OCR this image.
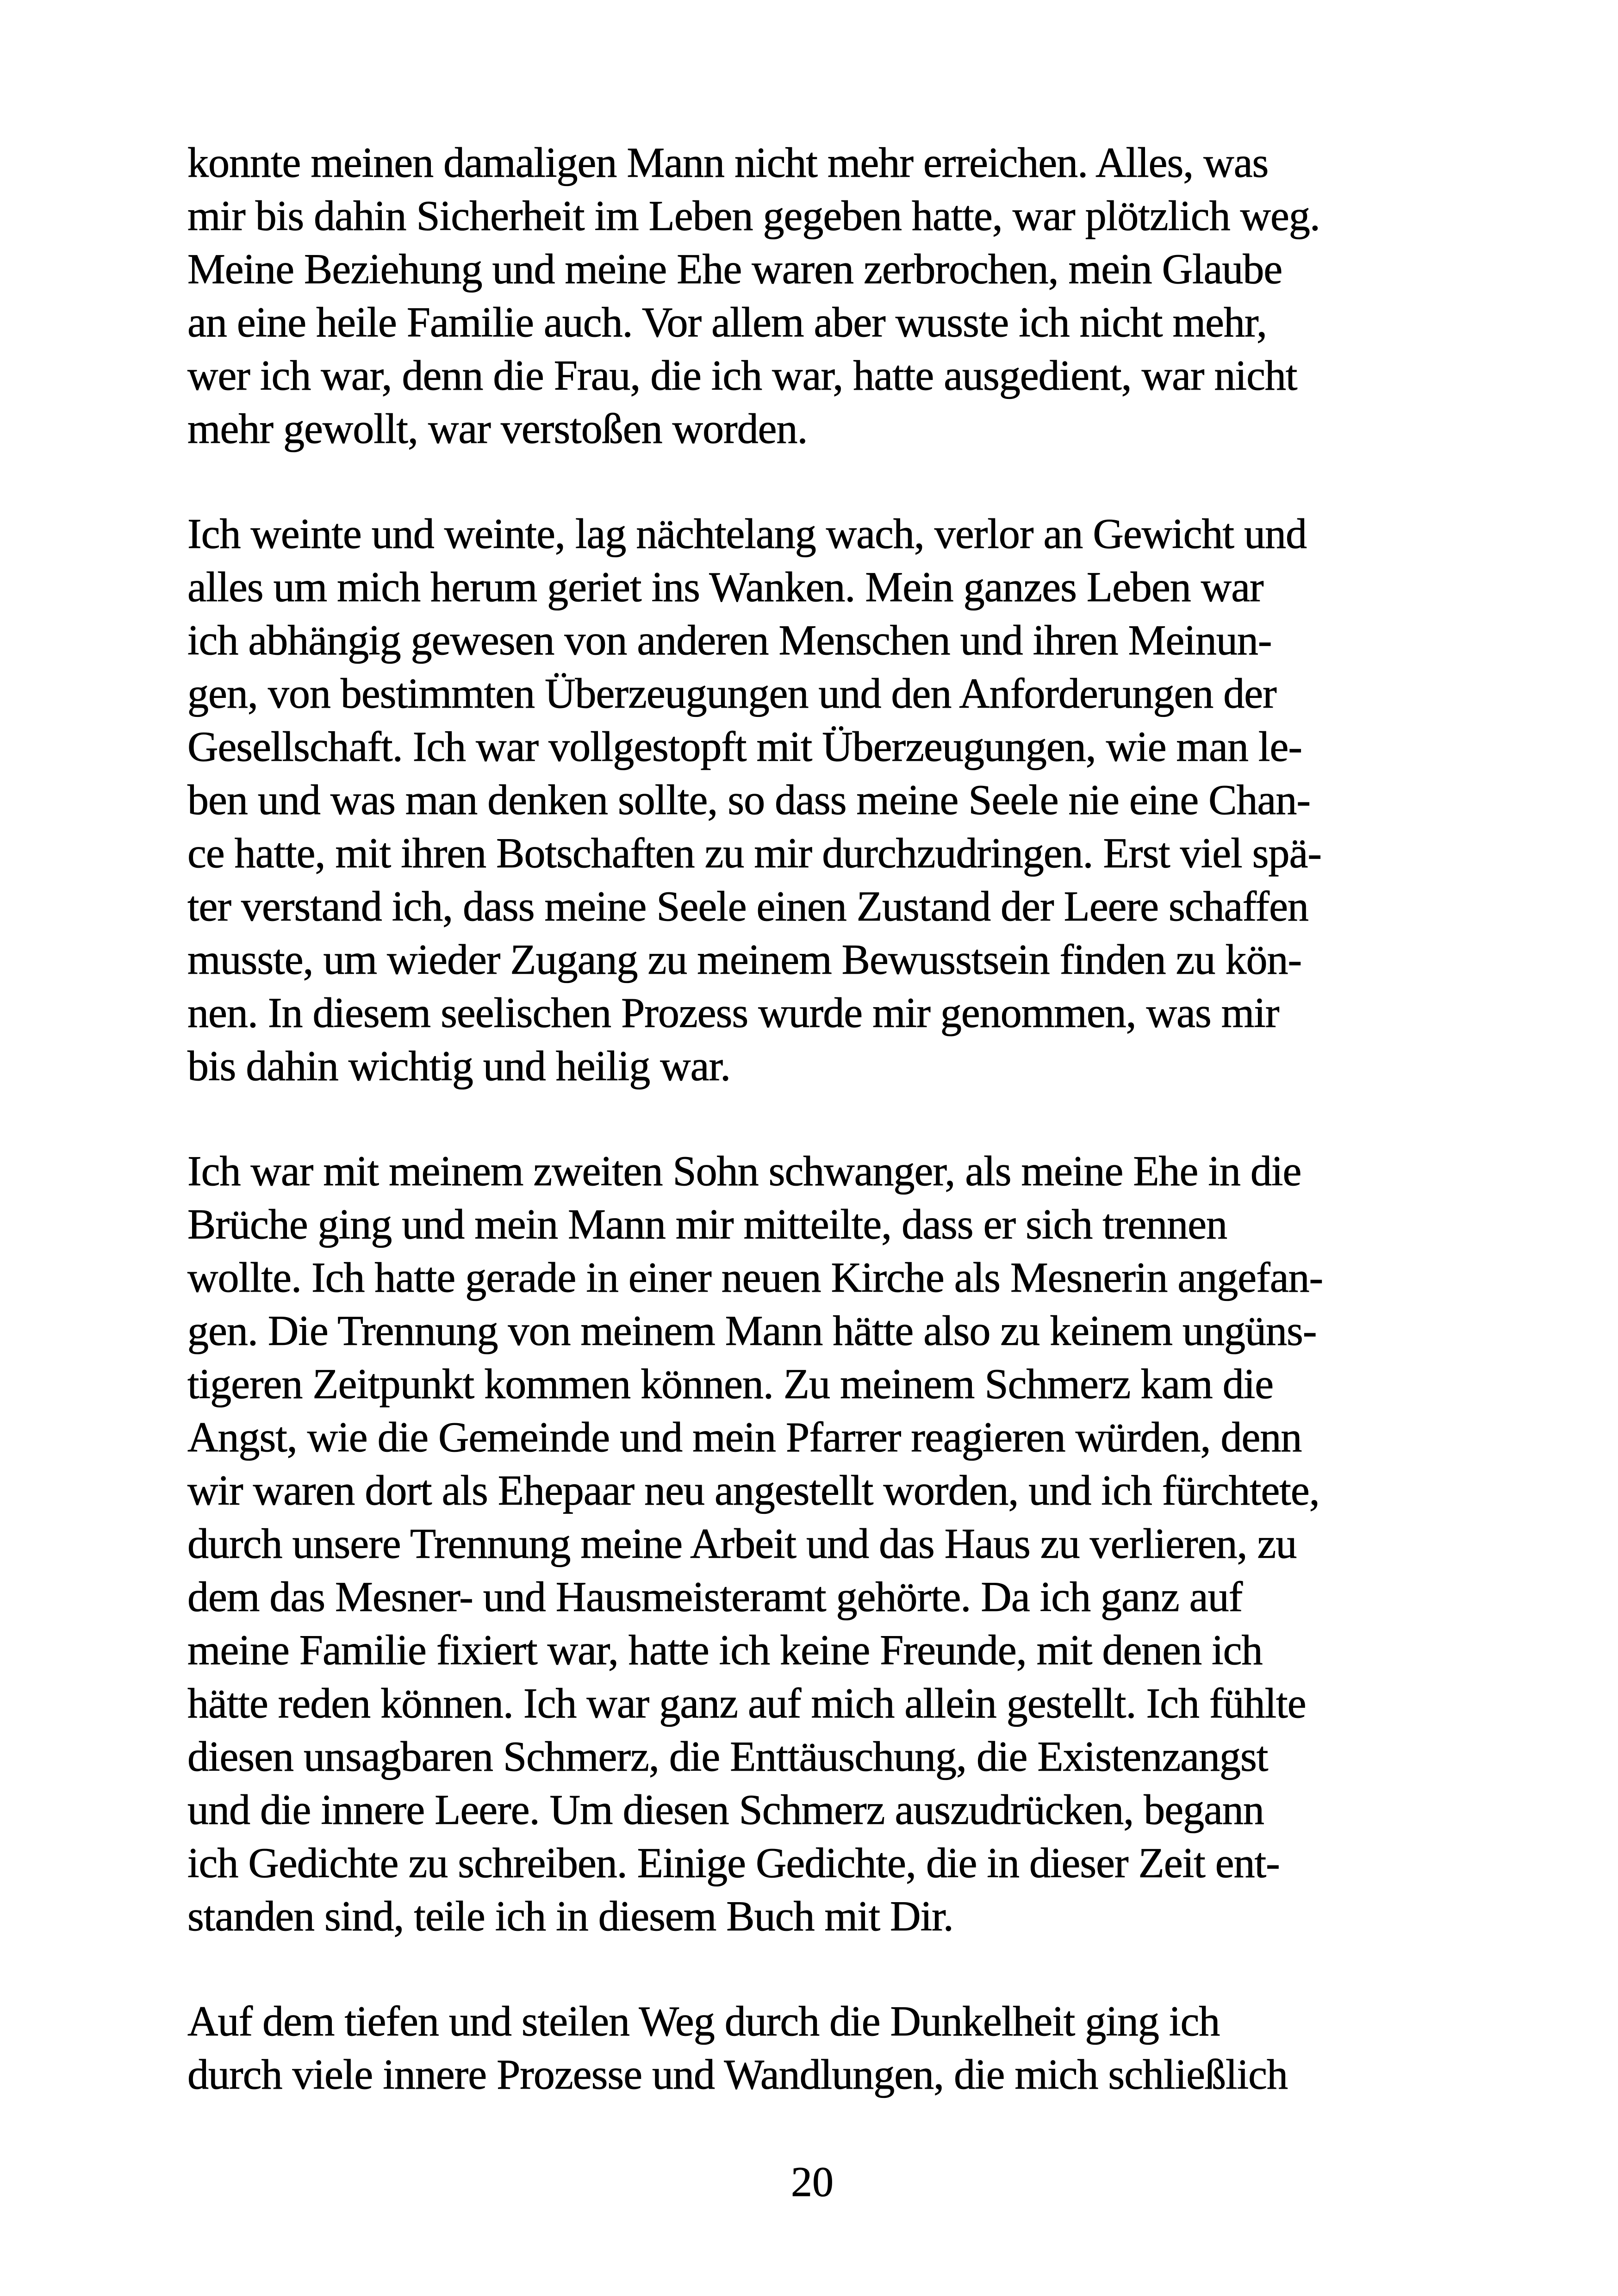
konnte meinen damaligen Mann nicht mehr erreichen. Alles, was
mir bis dahin Sicherheit im Leben gegeben hatte, war plötzlich weg.
Meine Beziehung und meine Ehe waren zerbrochen, mein Glaube
an eine heile Familie auch. Vor allem aber wusste ich nicht mehr,
wer ich war, denn die Frau, die ich war, hatte ausgedient, war nicht
mehr gewollt, war verstoßen worden.
Ich weinte und weinte, lag nächtelang wach, verlor an Gewicht und
alles um mich herum geriet ins Wanken. Mein ganzes Leben war
ich abhängig gewesen von anderen Menschen und ihren Meinun-
gen, von bestimmten Überzeugungen und den Anforderungen der
Gesellschaft. Ich war vollgestopft mit Überzeugungen, wie man le-
ben und was man denken sollte, so dass meine Seele nie eine Chan-
ce hatte, mit ihren Botschaften zu mir durchzudringen. Erst viel spä-
ter verstand ich, dass meine Seele einen Zustand der Leere schaffen
musste, um wieder Zugang zu meinem Bewusstsein finden zu kön-
nen. In diesem seelischen Prozess wurde mir genommen, was mir
bis dahin wichtig und heilig war.
Ich war mit meinem zweiten Sohn schwanger, als meine Ehe in die
Brüche ging und mein Mann mir mitteilte, dass er sich trennen
wollte. Ich hatte gerade in einer neuen Kirche als Mesnerin angefan-
gen. Die Trennung von meinem Mann hätte also zu keinem ungüns-
tigeren Zeitpunkt kommen können. Zu meinem Schmerz kam die
Angst, wie die Gemeinde und mein Pfarrer reagieren würden, denn
wir waren dort als Ehepaar neu angestellt worden, und ich fürchtete,
durch unsere Trennung meine Arbeit und das Haus zu verlieren, zu
dem das Mesner- und Hausmeisteramt gehörte. Da ich ganz auf
meine Familie fixiert war, hatte ich keine Freunde, mit denen ich
hätte reden können. Ich war ganz auf mich allein gestellt. Ich fühlte
diesen unsagbaren Schmerz, die Enttäuschung, die Existenzangst
und die innere Leere. Um diesen Schmerz auszudrücken, begann
ich Gedichte zu schreiben. Einige Gedichte, die in dieser Zeit ent-
standen sind, teile ich in diesem Buch mit Dir.
Auf dem tiefen und steilen Weg durch die Dunkelheit ging ich
durch viele innere Prozesse und Wandlungen, die mich schließlich
20
